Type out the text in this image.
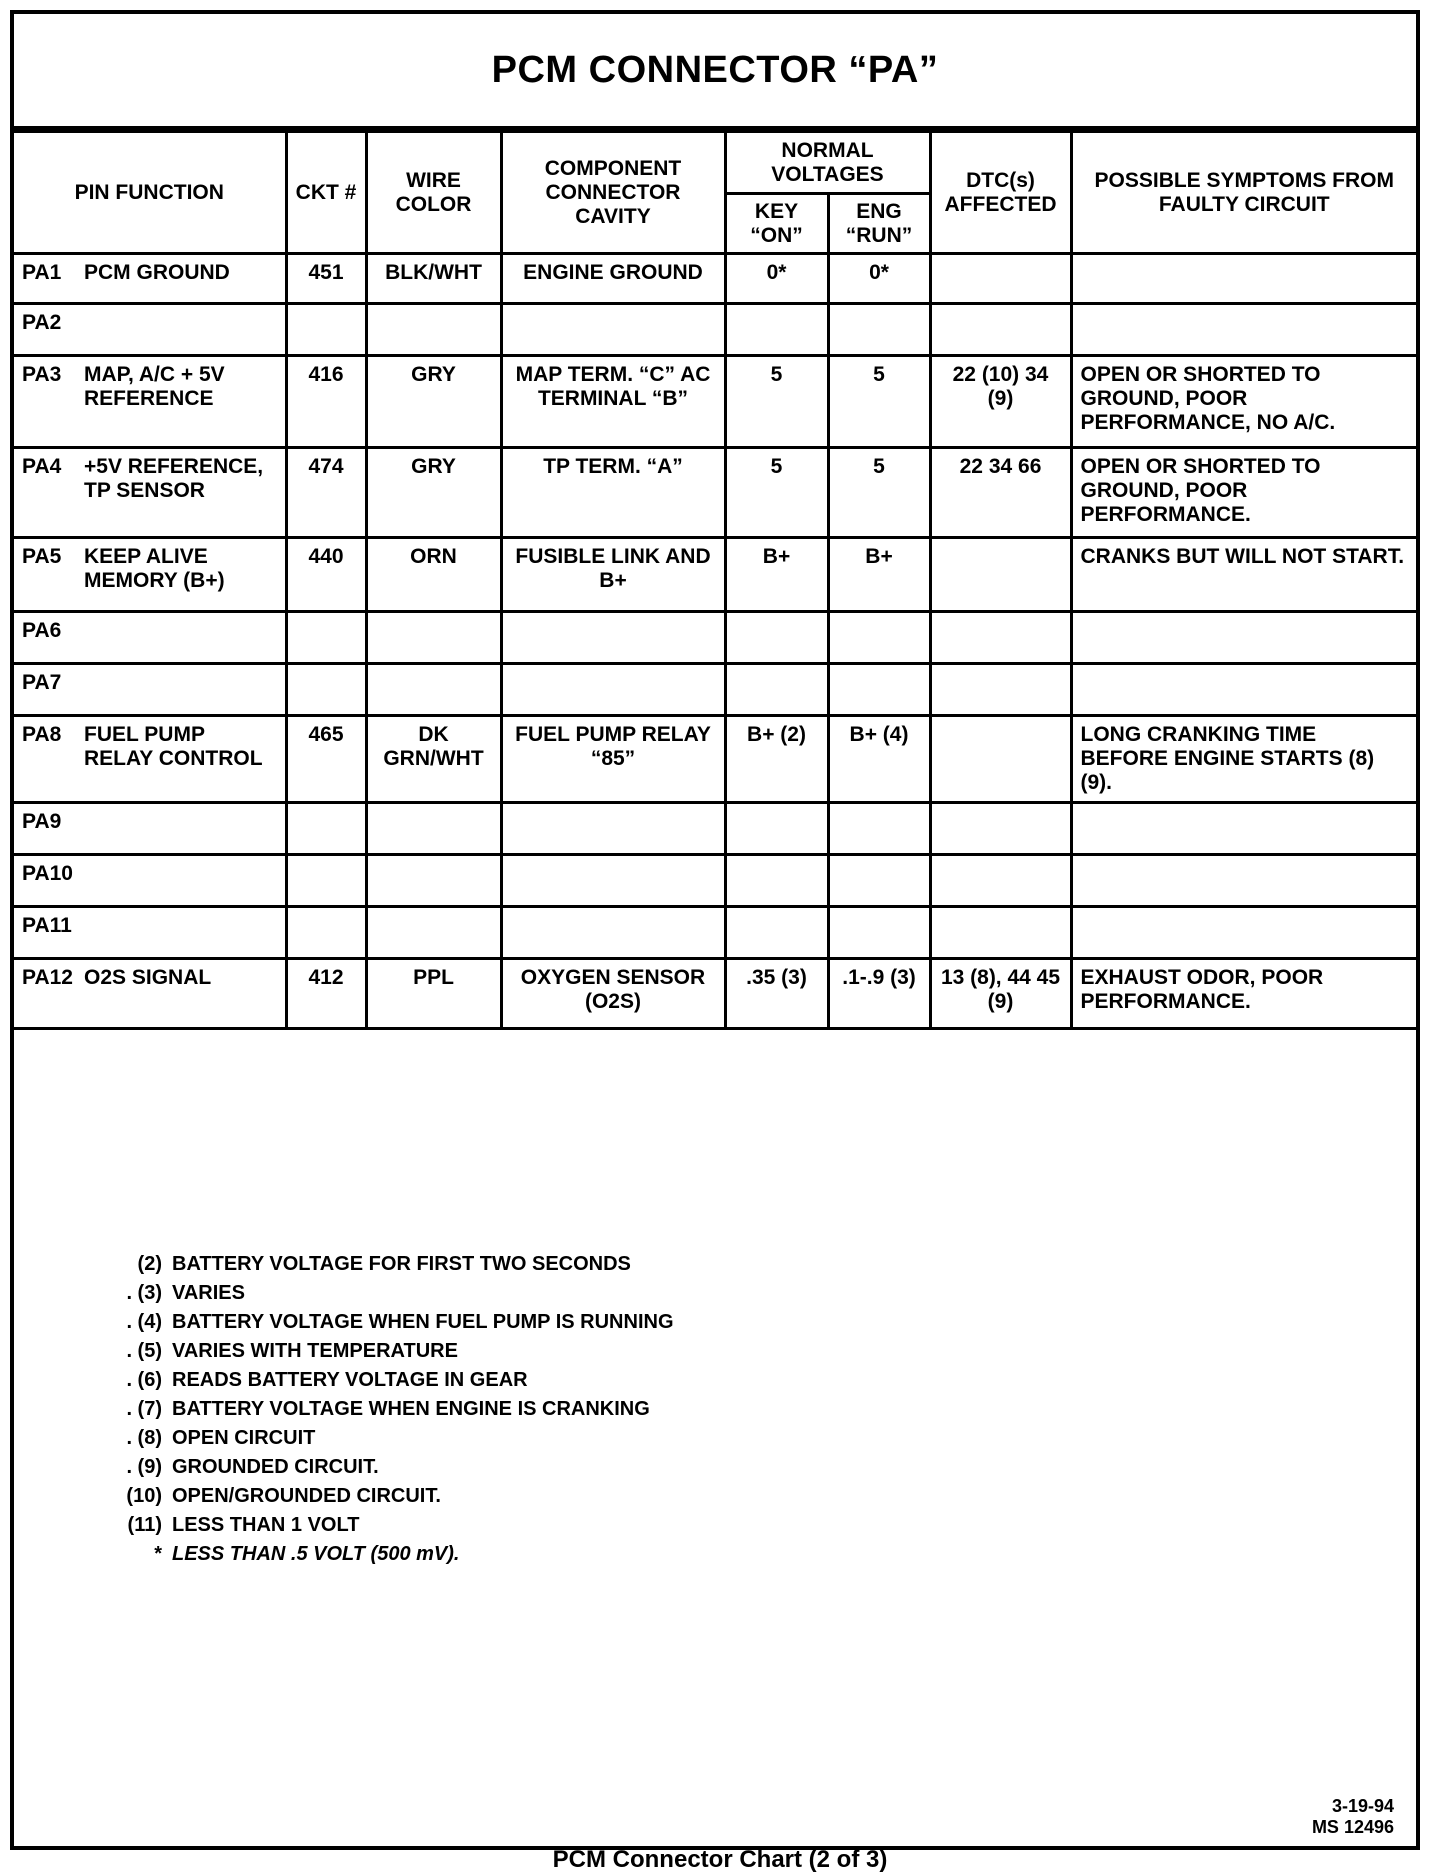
PCM CONNECTOR “PA”
PIN FUNCTION	CKT #	WIRE COLOR	COMPONENT CONNECTOR CAVITY	NORMAL VOLTAGES		DTC(s) AFFECTED	POSSIBLE SYMPTOMS FROM FAULTY CIRCUIT
				KEY “ON”	ENG “RUN”		
PA1 PCM GROUND	451	BLK/WHT	ENGINE GROUND	0*	0*		
PA2							
PA3 MAP, A/C + 5V REFERENCE	416	GRY	MAP TERM. “C” AC TERMINAL “B”	5	5	22 (10) 34 (9)	OPEN OR SHORTED TO GROUND, POOR PERFORMANCE, NO A/C.
PA4 +5V REFERENCE, TP SENSOR	474	GRY	TP TERM. “A”	5	5	22 34 66	OPEN OR SHORTED TO GROUND, POOR PERFORMANCE.
PA5 KEEP ALIVE MEMORY (B+)	440	ORN	FUSIBLE LINK AND B+	B+	B+		CRANKS BUT WILL NOT START.
PA6							
PA7							
PA8 FUEL PUMP RELAY CONTROL	465	DK GRN/WHT	FUEL PUMP RELAY “85”	B+ (2)	B+ (4)		LONG CRANKING TIME BEFORE ENGINE STARTS (8) (9).
PA9							
PA10							
PA11							
PA12 O2S SIGNAL	412	PPL	OXYGEN SENSOR (O2S)	.35 (3)	.1-.9 (3)	13 (8), 44 45 (9)	EXHAUST ODOR, POOR PERFORMANCE.
(2) BATTERY VOLTAGE FOR FIRST TWO SECONDS
. (3) VARIES
. (4) BATTERY VOLTAGE WHEN FUEL PUMP IS RUNNING
. (5) VARIES WITH TEMPERATURE
. (6) READS BATTERY VOLTAGE IN GEAR
. (7) BATTERY VOLTAGE WHEN ENGINE IS CRANKING
. (8) OPEN CIRCUIT
. (9) GROUNDED CIRCUIT.
(10) OPEN/GROUNDED CIRCUIT.
(11) LESS THAN 1 VOLT
* LESS THAN .5 VOLT (500 mV).
3-19-94
MS 12496
PCM Connector Chart (2 of 3)
